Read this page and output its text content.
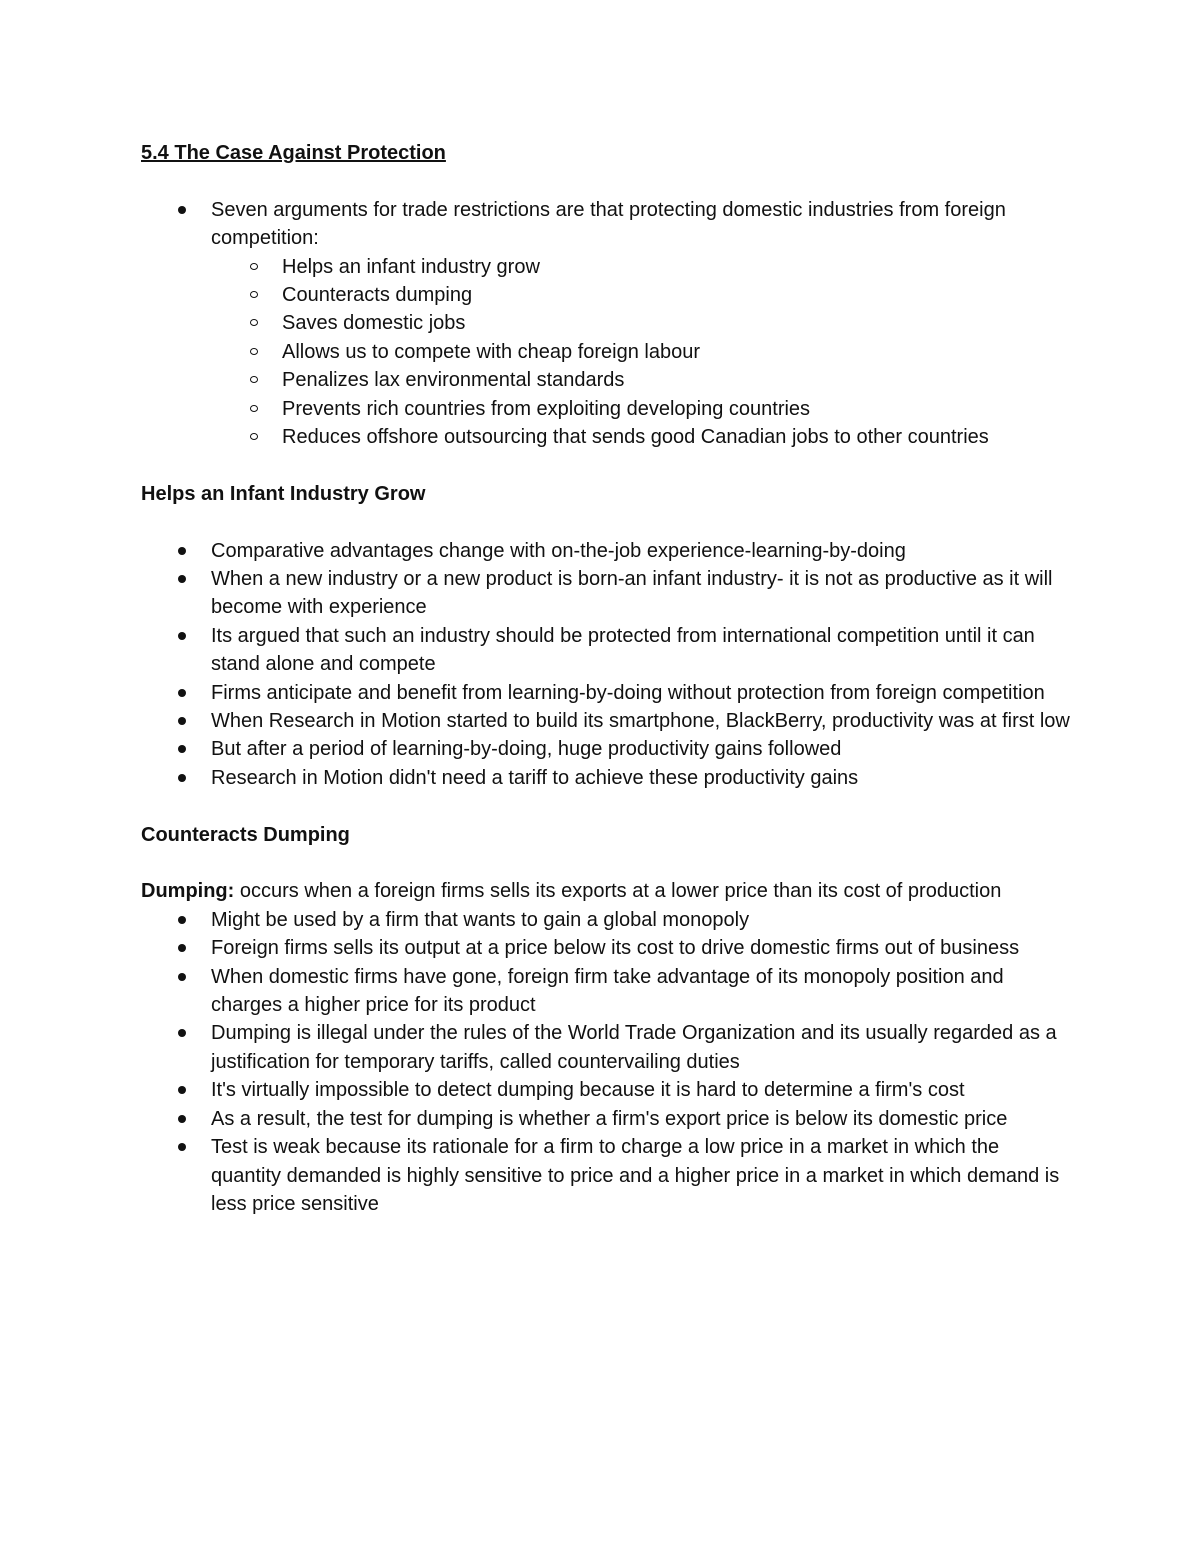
5.4 The Case Against Protection

Seven arguments for trade restrictions are that protecting domestic industries from foreign competition:
Helps an infant industry grow
Counteracts dumping
Saves domestic jobs
Allows us to compete with cheap foreign labour
Penalizes lax environmental standards
Prevents rich countries from exploiting developing countries
Reduces offshore outsourcing that sends good Canadian jobs to other countries

Helps an Infant Industry Grow

Comparative advantages change with on-the-job experience-learning-by-doing
When a new industry or a new product is born-an infant industry- it is not as productive as it will become with experience
Its argued that such an industry should be protected from international competition until it can stand alone and compete
Firms anticipate and benefit from learning-by-doing without protection from foreign competition
When Research in Motion started to build its smartphone, BlackBerry, productivity was at first low
But after a period of learning-by-doing, huge productivity gains followed
Research in Motion didn't need a tariff to achieve these productivity gains

Counteracts Dumping

Dumping: occurs when a foreign firms sells its exports at a lower price than its cost of production

Might be used by a firm that wants to gain a global monopoly
Foreign firms sells its output at a price below its cost to drive domestic firms out of business
When domestic firms have gone, foreign firm take advantage of its monopoly position and charges a higher price for its product
Dumping is illegal under the rules of the World Trade Organization and its usually regarded as a justification for temporary tariffs, called countervailing duties
It's virtually impossible to detect dumping because it is hard to determine a firm's cost
As a result, the test for dumping is whether a firm's export price is below its domestic price
Test is weak because its rationale for a firm to charge a low price in a market in which the quantity demanded is highly sensitive to price and a higher price in a market in which demand is less price sensitive
